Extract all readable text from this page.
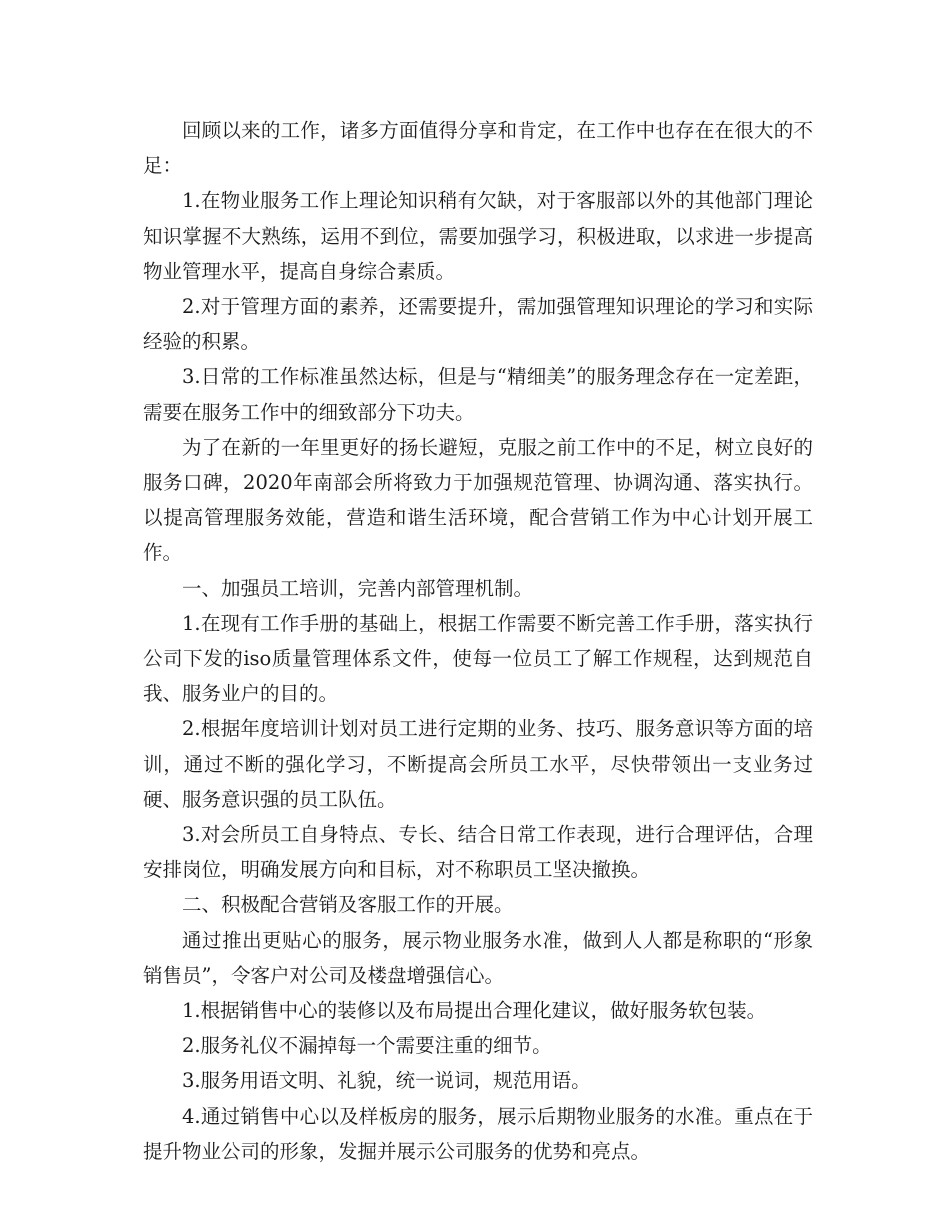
回顾以来的工作，诸多方面值得分享和肯定，在工作中也存在在很大的不足：

1.在物业服务工作上理论知识稍有欠缺，对于客服部以外的其他部门理论知识掌握不大熟练，运用不到位，需要加强学习，积极进取，以求进一步提高物业管理水平，提高自身综合素质。

2.对于管理方面的素养，还需要提升，需加强管理知识理论的学习和实际经验的积累。

3.日常的工作标准虽然达标，但是与“精细美”的服务理念存在一定差距，需要在服务工作中的细致部分下功夫。

为了在新的一年里更好的扬长避短，克服之前工作中的不足，树立良好的服务口碑，2020年南部会所将致力于加强规范管理、协调沟通、落实执行。以提高管理服务效能，营造和谐生活环境，配合营销工作为中心计划开展工作。

一、加强员工培训，完善内部管理机制。

1.在现有工作手册的基础上，根据工作需要不断完善工作手册，落实执行公司下发的iso质量管理体系文件，使每一位员工了解工作规程，达到规范自我、服务业户的目的。

2.根据年度培训计划对员工进行定期的业务、技巧、服务意识等方面的培训，通过不断的强化学习，不断提高会所员工水平，尽快带领出一支业务过硬、服务意识强的员工队伍。

3.对会所员工自身特点、专长、结合日常工作表现，进行合理评估，合理安排岗位，明确发展方向和目标，对不称职员工坚决撤换。

二、积极配合营销及客服工作的开展。

通过推出更贴心的服务，展示物业服务水准，做到人人都是称职的“形象销售员”，令客户对公司及楼盘增强信心。

1.根据销售中心的装修以及布局提出合理化建议，做好服务软包装。

2.服务礼仪不漏掉每一个需要注重的细节。

3.服务用语文明、礼貌，统一说词，规范用语。

4.通过销售中心以及样板房的服务，展示后期物业服务的水准。重点在于提升物业公司的形象，发掘并展示公司服务的优势和亮点。
